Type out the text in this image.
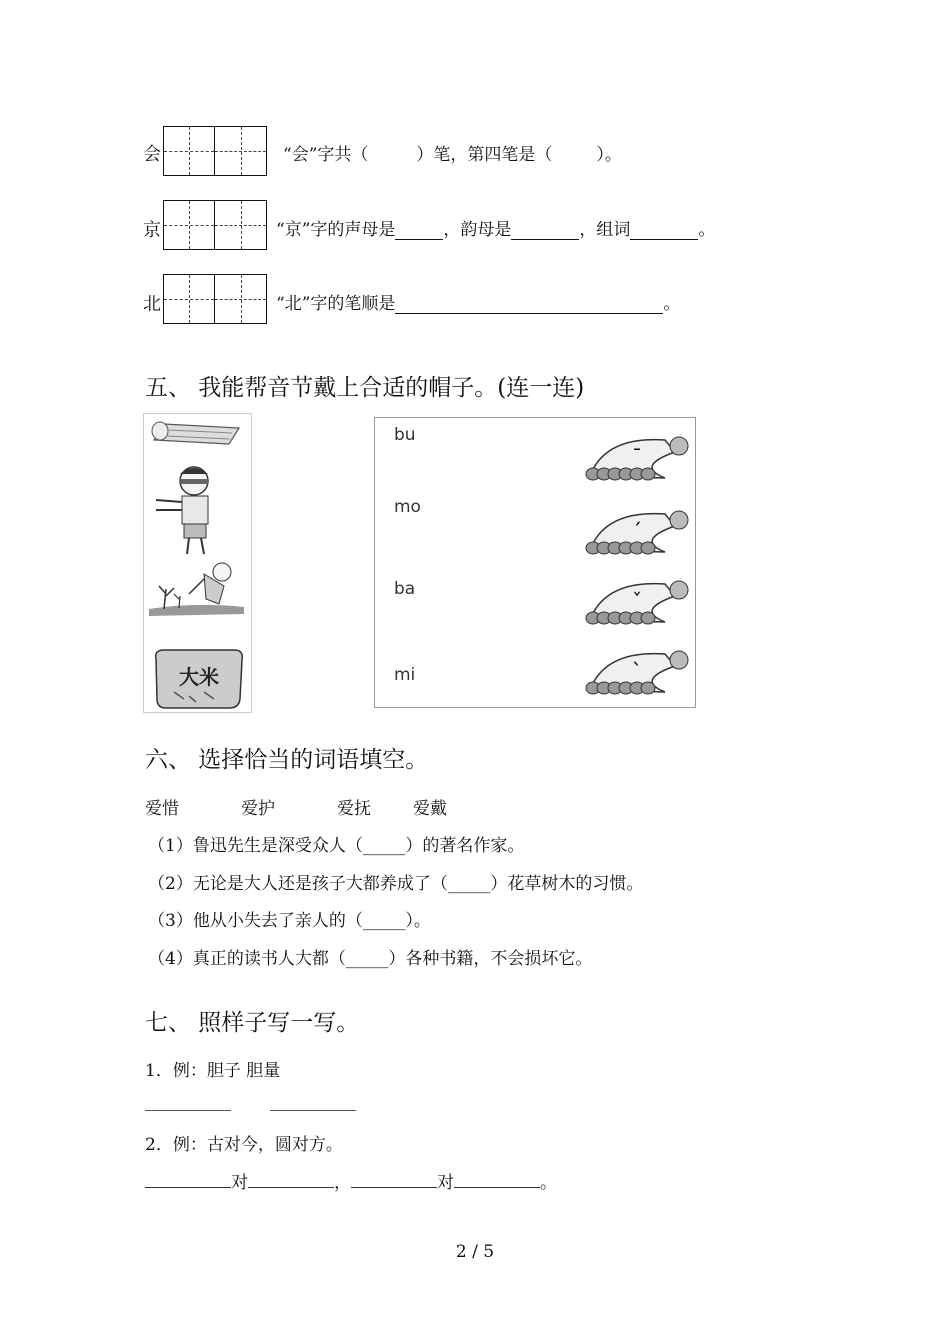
会	“会”字共（	）笔，第四笔是（	）。
京	“京”字的声母是	，韵母是	，组词	。
北	“北”字的笔顺是	。
五、 我能帮音节戴上合适的帽子。(连一连)
大米
bu
mo
ba
mi
ˉ
ˊ
ˇ
ˋ
六、 选择恰当的词语填空。
爱惜	爱护	爱抚 爱戴
（1）鲁迅先生是深受众人（_____）的著名作家。
（2）无论是大人还是孩子大都养成了（_____）花草树木的习惯。
（3）他从小失去了亲人的（_____）。
（4）真正的读书人大都（_____）各种书籍，不会损坏它。
七、 照样子写一写。
1．例：胆子 胆量
2．例：古对今，圆对方。
对	，	对	。
2 / 5
